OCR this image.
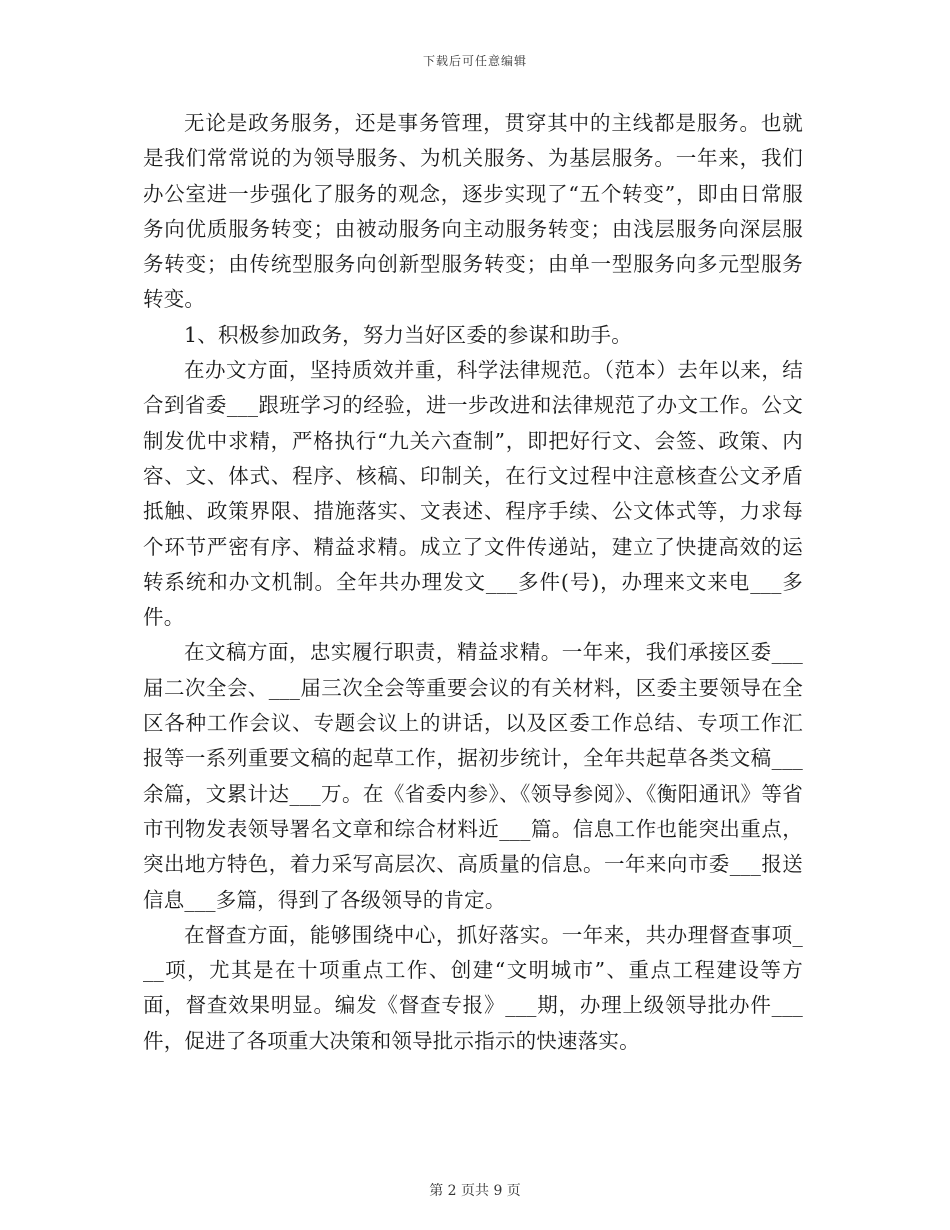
下载后可任意编辑

无论是政务服务，还是事务管理，贯穿其中的主线都是服务。也就是我们常常说的为领导服务、为机关服务、为基层服务。一年来，我们办公室进一步强化了服务的观念，逐步实现了“五个转变”，即由日常服务向优质服务转变；由被动服务向主动服务转变；由浅层服务向深层服务转变；由传统型服务向创新型服务转变；由单一型服务向多元型服务转变。

1、积极参加政务，努力当好区委的参谋和助手。

在办文方面，坚持质效并重，科学法律规范。（范本）去年以来，结合到省委___跟班学习的经验，进一步改进和法律规范了办文工作。公文制发优中求精，严格执行“九关六查制”，即把好行文、会签、政策、内容、文、体式、程序、核稿、印制关，在行文过程中注意核查公文矛盾抵触、政策界限、措施落实、文表述、程序手续、公文体式等，力求每个环节严密有序、精益求精。成立了文件传递站，建立了快捷高效的运转系统和办文机制。全年共办理发文___多件(号)，办理来文来电___多件。

在文稿方面，忠实履行职责，精益求精。一年来，我们承接区委___届二次全会、___届三次全会等重要会议的有关材料，区委主要领导在全区各种工作会议、专题会议上的讲话，以及区委工作总结、专项工作汇报等一系列重要文稿的起草工作，据初步统计，全年共起草各类文稿___余篇，文累计达___万。在《省委内参》、《领导参阅》、《衡阳通讯》等省市刊物发表领导署名文章和综合材料近___篇。信息工作也能突出重点，突出地方特色，着力采写高层次、高质量的信息。一年来向市委___报送信息___多篇，得到了各级领导的肯定。

在督查方面，能够围绕中心，抓好落实。一年来，共办理督查事项___项，尤其是在十项重点工作、创建“文明城市”、重点工程建设等方面，督查效果明显。编发《督查专报》___期，办理上级领导批办件___件，促进了各项重大决策和领导批示指示的快速落实。

第 2 页共 9 页
